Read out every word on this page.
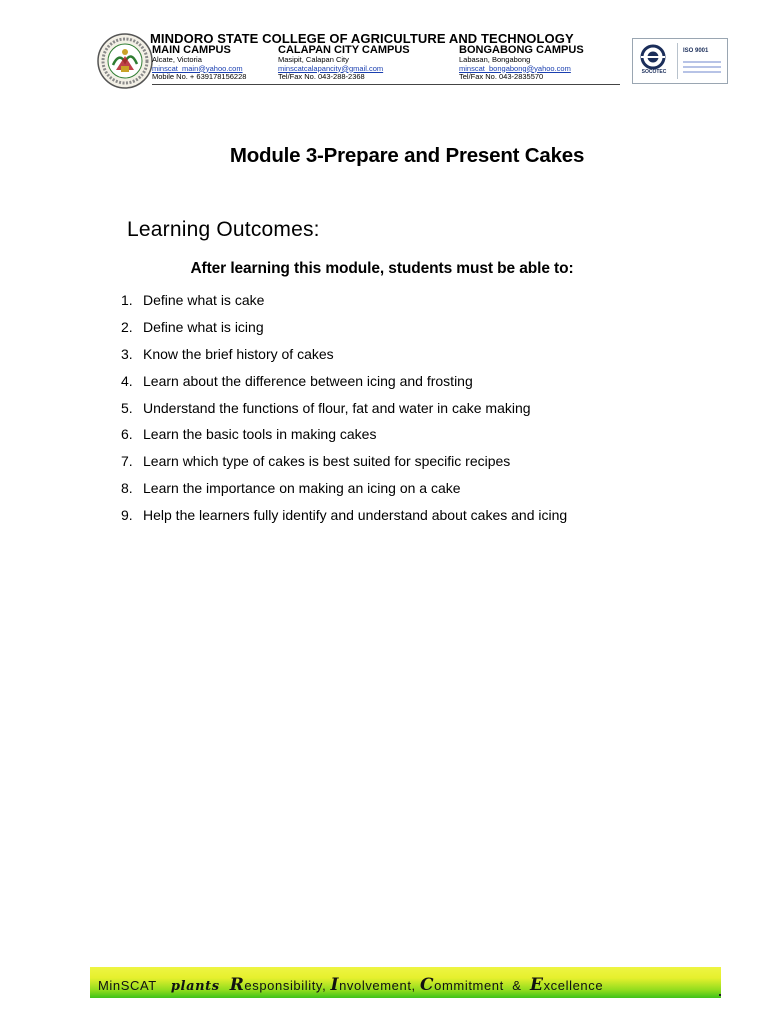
MINDORO STATE COLLEGE OF AGRICULTURE AND TECHNOLOGY
MAIN CAMPUS
Alcate, Victoria
minscat_main@yahoo.com
Mobile No. + 639178156228
CALAPAN CITY CAMPUS
Masipit, Calapan City
minscatcalapancity@gmail.com
Tel/Fax No. 043-288-2368
BONGABONG CAMPUS
Labasan, Bongabong
minscat_bongabong@yahoo.com
Tel/Fax No. 043-2835570	SOCOTEC
ISO 9001
Module 3-Prepare and Present Cakes
Learning Outcomes:

After learning this module, students must be able to:

1. Define what is cake
2. Define what is icing
3. Know the brief history of cakes
4. Learn about the difference between icing and frosting
5. Understand the functions of flour, fat and water in cake making
6. Learn the basic tools in making cakes
7. Learn which type of cakes is best suited for specific recipes
8. Learn the importance on making an icing on a cake
9. Help the learners fully identify and understand about cakes and icing
MinSCAT plants Responsibility, Involvement, Commitment & Excellence
